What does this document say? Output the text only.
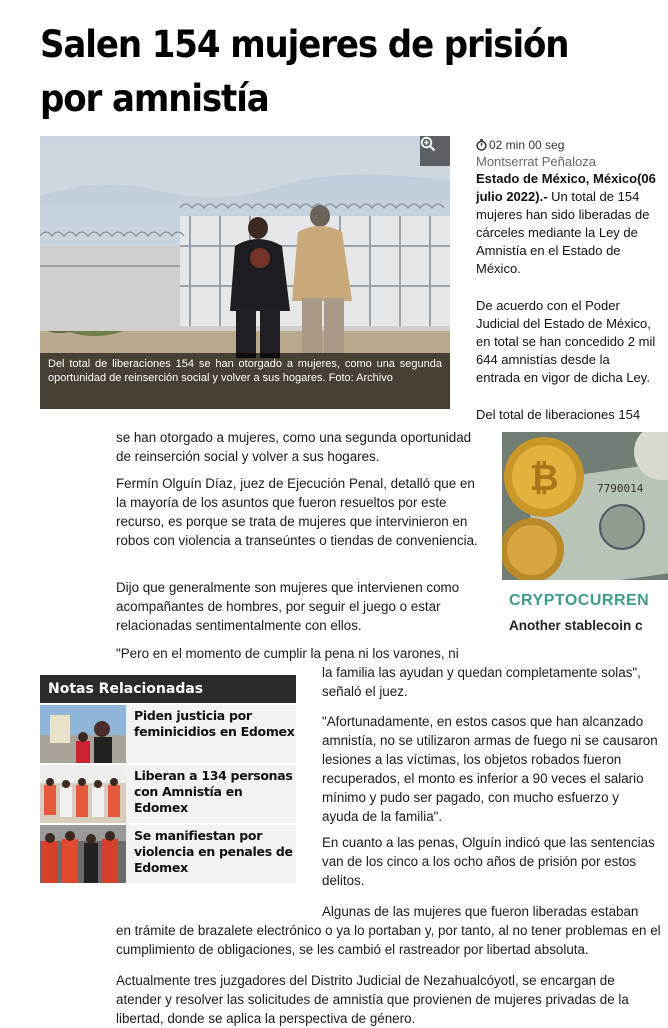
Salen 154 mujeres de prisión por amnistía
Del total de liberaciones 154 se han otorgado a mujeres, como una segunda oportunidad de reinserción social y volver a sus hogares. Foto: Archivo
02 min 00 seg
Montserrat Peñaloza

Estado de México, México(06 julio 2022).- Un total de 154 mujeres han sido liberadas de cárceles mediante la Ley de Amnistía en el Estado de México.

De acuerdo con el Poder Judicial del Estado de México, en total se han concedido 2 mil 644 amnistías desde la entrada en vigor de dicha Ley.

Del total de liberaciones 154

se han otorgado a mujeres, como una segunda oportunidad de reinserción social y volver a sus hogares.

Fermín Olguín Díaz, juez de Ejecución Penal, detalló que en la mayoría de los asuntos que fueron resueltos por este recurso, es porque se trata de mujeres que intervinieron en robos con violencia a transeúntes o tiendas de conveniencia.

Dijo que generalmente son mujeres que intervienen como acompañantes de hombres, por seguir el juego o estar relacionadas sentimentalmente con ellos.

"Pero en el momento de cumplir la pena ni los varones, ni

la familia las ayudan y quedan completamente solas", señaló el juez.

"Afortunadamente, en estos casos que han alcanzado amnistía, no se utilizaron armas de fuego ni se causaron lesiones a las víctimas, los objetos robados fueron recuperados, el monto es inferior a 90 veces el salario mínimo y pudo ser pagado, con mucho esfuerzo y ayuda de la familia".

En cuanto a las penas, Olguín indicó que las sentencias van de los cinco a los ocho años de prisión por estos delitos.

Algunas de las mujeres que fueron liberadas estaban

en trámite de brazalete electrónico o ya lo portaban y, por tanto, al no tener problemas en el cumplimiento de obligaciones, se les cambió el rastreador por libertad absoluta.

Actualmente tres juzgadores del Distrito Judicial de Nezahualcóyotl, se encargan de atender y resolver las solicitudes de amnistía que provienen de mujeres privadas de la libertad, donde se aplica la perspectiva de género.

7790014
₿
CRYPTOCURREN
Another stablecoin c
Notas Relacionadas
Piden justicia por feminicidios en Edomex
Liberan a 134 personas con Amnistía en Edomex
Se manifiestan por violencia en penales de Edomex
